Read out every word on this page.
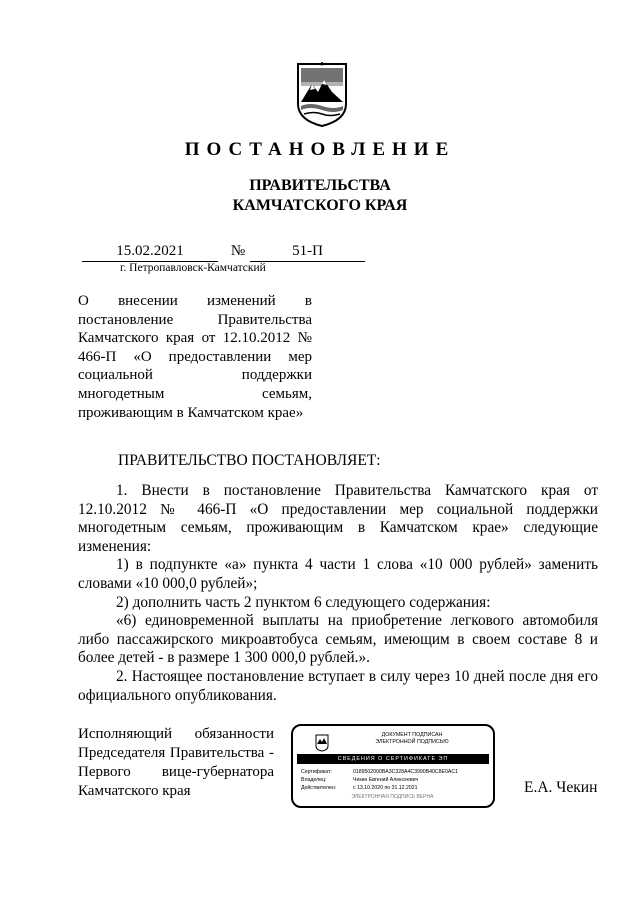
ПОСТАНОВЛЕНИЕ
ПРАВИТЕЛЬСТВА
КАМЧАТСКОГО КРАЯ
15.02.2021	№	51-П
г. Петропавловск-Камчатский
О внесении изменений в постановление Правительства Камчатского края от 12.10.2012 № 466-П «О предоставлении мер социальной поддержки многодетным семьям, проживающим в Камчатском крае»
ПРАВИТЕЛЬСТВО ПОСТАНОВЛЯЕТ:

1. Внести в постановление Правительства Камчатского края от 12.10.2012 № 466-П «О предоставлении мер социальной поддержки многодетным семьям, проживающим в Камчатском крае» следующие изменения:

1) в подпункте «а» пункта 4 части 1 слова «10 000 рублей» заменить словами «10 000,0 рублей»;

2) дополнить часть 2 пунктом 6 следующего содержания:

«6) единовременной выплаты на приобретение легкового автомобиля либо пассажирского микроавтобуса семьям, имеющим в своем составе 8 и более детей - в размере 1 300 000,0 рублей.».

2. Настоящее постановление вступает в силу через 10 дней после дня его официального опубликования.

Исполняющий обязанности
Председателя Правительства -
Первого вице-губернатора
Камчатского края
ДОКУМЕНТ ПОДПИСАН
ЭЛЕКТРОННОЙ ПОДПИСЬЮ
СВЕДЕНИЯ О СЕРТИФИКАТЕ ЭП
Сертификат:	0189502000BA3C328A4C3990B40C8E0AC1
Владелец:	Чекин Евгений Алексеевич
Действителен:	с 13.10.2020 по 31.12.2021
ЭЛЕКТРОННАЯ ПОДПИСЬ ВЕРНА
Е.А. Чекин
